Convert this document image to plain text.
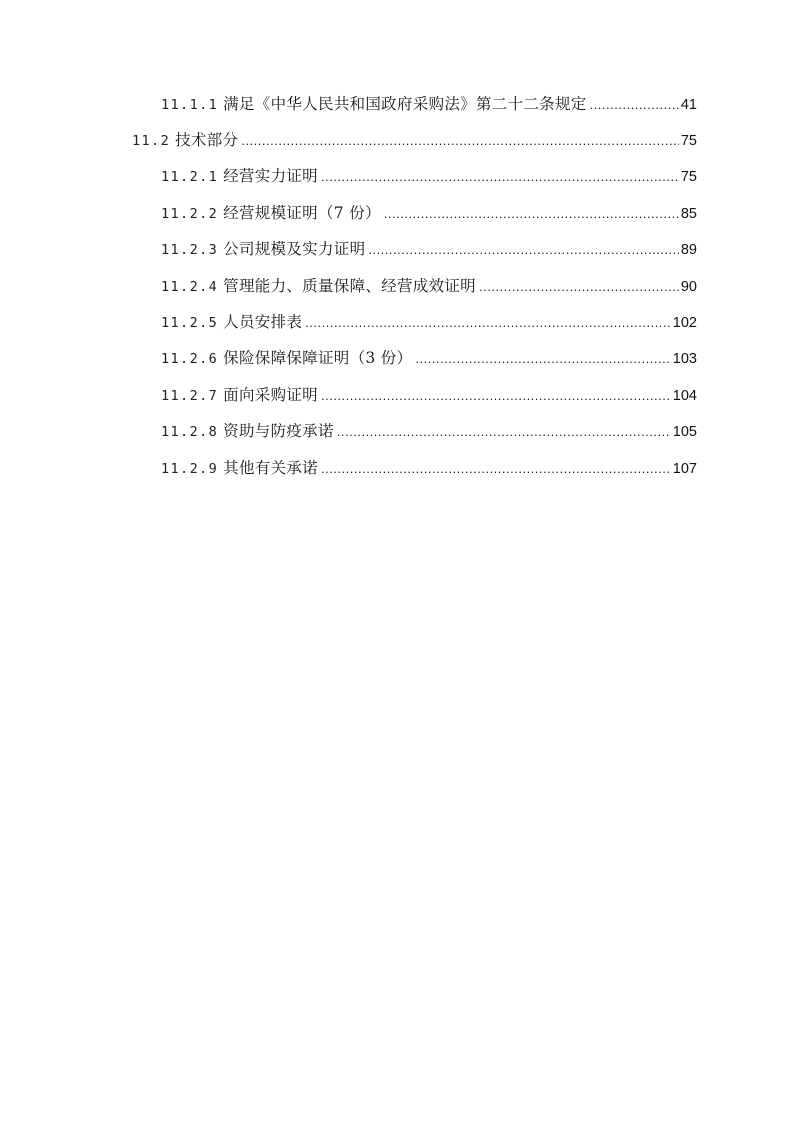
11.1.1 满足《中华人民共和国政府采购法》第二十二条规定 .....	41
11.2 技术部分 .....	75
11.2.1 经营实力证明 .....	75
11.2.2 经营规模证明（7 份） .....	85
11.2.3 公司规模及实力证明 .....	89
11.2.4 管理能力、质量保障、经营成效证明 .....	90
11.2.5 人员安排表 .....	102
11.2.6 保险保障保障证明（3 份） .....	103
11.2.7 面向采购证明 .....	104
11.2.8 资助与防疫承诺 .....	105
11.2.9 其他有关承诺 .....	107
